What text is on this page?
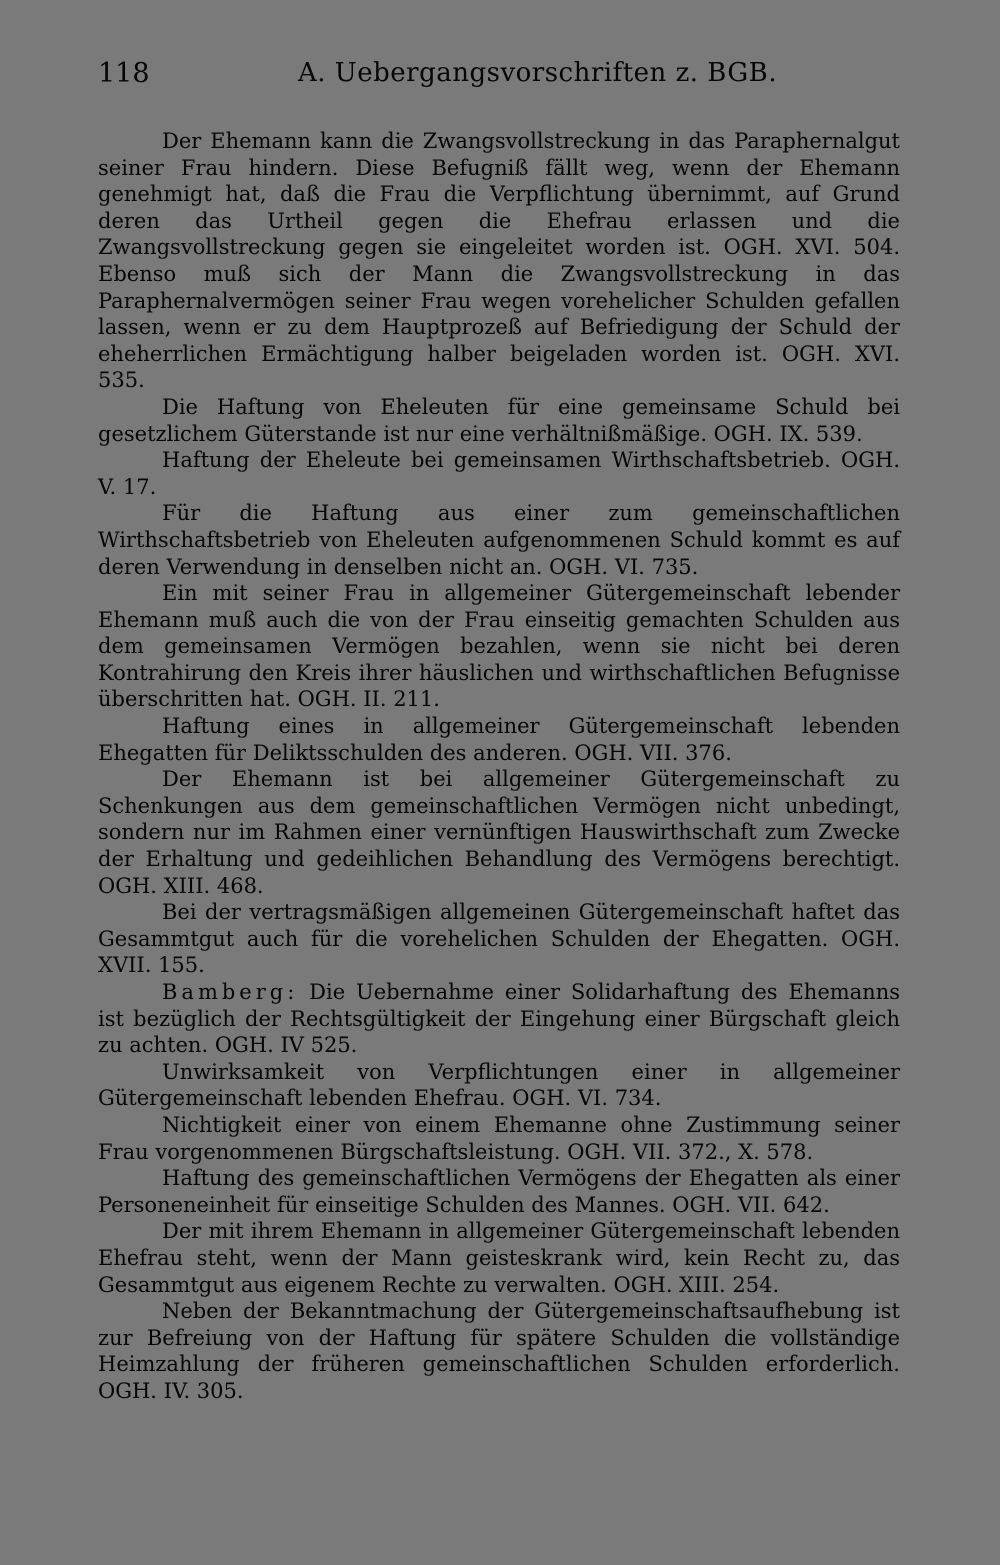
118	A. Uebergangsvorschriften z. BGB.

Der Ehemann kann die Zwangsvollstreckung in das Paraphernalgut seiner Frau hindern. Diese Befugniß fällt weg, wenn der Ehemann genehmigt hat, daß die Frau die Verpflichtung übernimmt, auf Grund deren das Urtheil gegen die Ehefrau erlassen und die Zwangsvollstreckung gegen sie eingeleitet worden ist. OGH. XVI. 504. Ebenso muß sich der Mann die Zwangsvollstreckung in das Paraphernalvermögen seiner Frau wegen vorehelicher Schulden gefallen lassen, wenn er zu dem Hauptprozeß auf Befriedigung der Schuld der eheherrlichen Ermächtigung halber beigeladen worden ist. OGH. XVI. 535.

Die Haftung von Eheleuten für eine gemeinsame Schuld bei gesetzlichem Güterstande ist nur eine verhältnißmäßige. OGH. IX. 539.

Haftung der Eheleute bei gemeinsamen Wirthschaftsbetrieb. OGH. V. 17.

Für die Haftung aus einer zum gemeinschaftlichen Wirthschaftsbetrieb von Eheleuten aufgenommenen Schuld kommt es auf deren Verwendung in denselben nicht an. OGH. VI. 735.

Ein mit seiner Frau in allgemeiner Gütergemeinschaft lebender Ehemann muß auch die von der Frau einseitig gemachten Schulden aus dem gemeinsamen Vermögen bezahlen, wenn sie nicht bei deren Kontrahirung den Kreis ihrer häuslichen und wirthschaftlichen Befugnisse überschritten hat. OGH. II. 211.

Haftung eines in allgemeiner Gütergemeinschaft lebenden Ehegatten für Deliktsschulden des anderen. OGH. VII. 376.

Der Ehemann ist bei allgemeiner Gütergemeinschaft zu Schenkungen aus dem gemeinschaftlichen Vermögen nicht unbedingt, sondern nur im Rahmen einer vernünftigen Hauswirthschaft zum Zwecke der Erhaltung und gedeihlichen Behandlung des Vermögens berechtigt. OGH. XIII. 468.

Bei der vertragsmäßigen allgemeinen Gütergemeinschaft haftet das Gesammtgut auch für die vorehelichen Schulden der Ehegatten. OGH. XVII. 155.

Bamberg: Die Uebernahme einer Solidarhaftung des Ehemanns ist bezüglich der Rechtsgültigkeit der Eingehung einer Bürgschaft gleich zu achten. OGH. IV 525.

Unwirksamkeit von Verpflichtungen einer in allgemeiner Gütergemeinschaft lebenden Ehefrau. OGH. VI. 734.

Nichtigkeit einer von einem Ehemanne ohne Zustimmung seiner Frau vorgenommenen Bürgschaftsleistung. OGH. VII. 372., X. 578.

Haftung des gemeinschaftlichen Vermögens der Ehegatten als einer Personeneinheit für einseitige Schulden des Mannes. OGH. VII. 642.

Der mit ihrem Ehemann in allgemeiner Gütergemeinschaft lebenden Ehefrau steht, wenn der Mann geisteskrank wird, kein Recht zu, das Gesammtgut aus eigenem Rechte zu verwalten. OGH. XIII. 254.

Neben der Bekanntmachung der Gütergemeinschaftsaufhebung ist zur Befreiung von der Haftung für spätere Schulden die vollständige Heimzahlung der früheren gemeinschaftlichen Schulden erforderlich. OGH. IV. 305.
